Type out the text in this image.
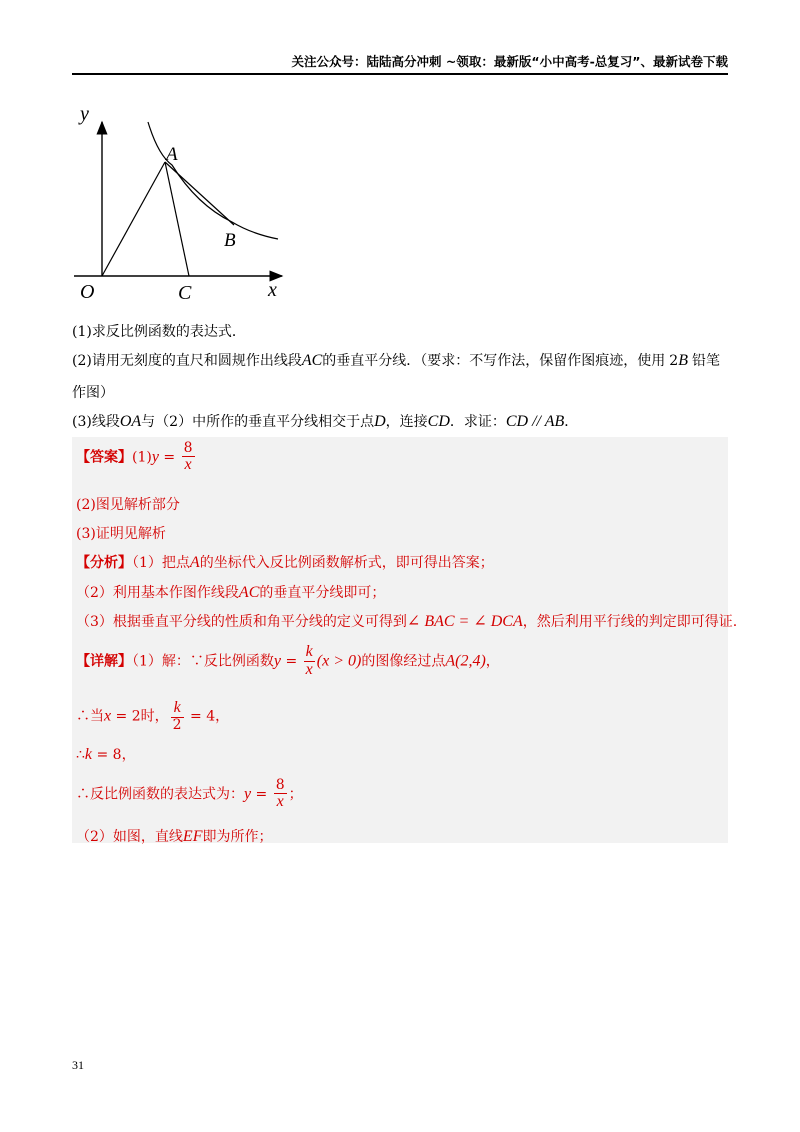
关注公众号：陆陆高分冲刺 ~领取：最新版“小中高考-总复习”、最新试卷下载
y
A
B
O	C	x
(1)求反比例函数的表达式．
(2)请用无刻度的直尺和圆规作出线段AC的垂直平分线．（要求：不写作法，保留作图痕迹，使用 2B 铅笔
作图）
(3)线段OA与（2）中所作的垂直平分线相交于点D，连接CD．求证：CD // AB．
【答案】$(1)y = \frac{8}{x}$
(2)图见解析部分
(3)证明见解析
【分析】（1）把点A的坐标代入反比例函数解析式，即可得出答案；
（2）利用基本作图作线段AC的垂直平分线即可；
（3）根据垂直平分线的性质和角平分线的定义可得到∠ BAC = ∠ DCA，然后利用平行线的判定即可得证.
【详解】（1）解：∵反比例函数$y = \frac{k}{x} (x > 0)$的图像经过点A(2,4)，
∴当x = 2时， $\frac{k}{2} = 4$，
∴k = 8，
∴反比例函数的表达式为：$y = \frac{8}{x}$ ；
（2）如图，直线EF即为所作；
31
